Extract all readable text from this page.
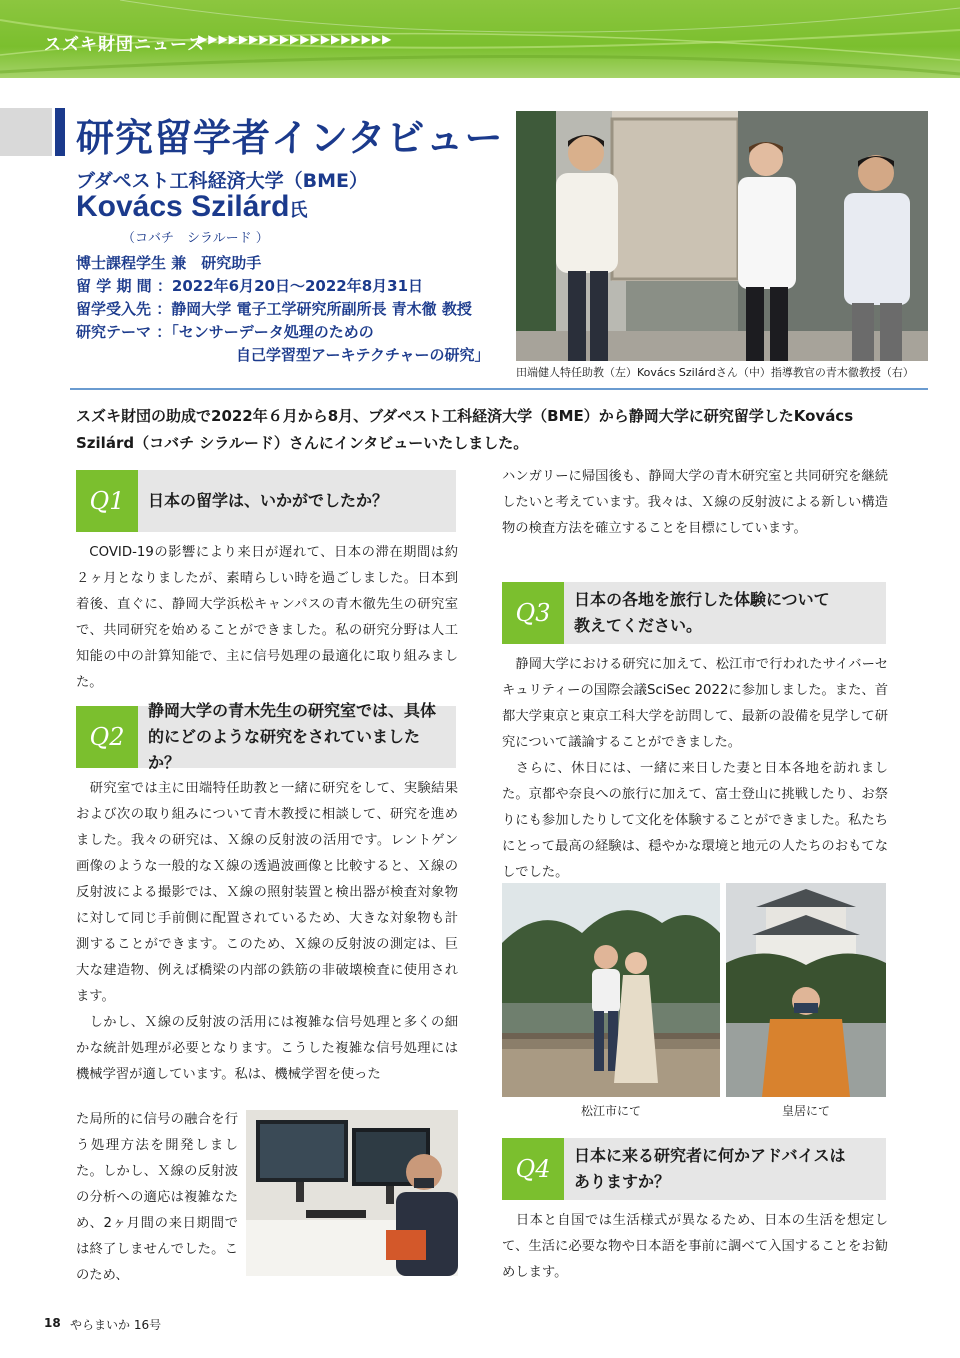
スズキ財団ニュース
▶▶▶▶▶▶▶▶▶▶▶▶▶▶▶▶▶▶▶
研究留学者インタビュー
ブダペスト工科経済大学（BME）
Kovács Szilárd氏
（コバチ　シラルード ）
博士課程学生 兼　研究助手
留 学 期 間 ：2022年6月20日～2022年8月31日
留学受入先 ：静岡大学 電子工学研究所副所長 青木徹 教授
研究テーマ ：「センサーデータ処理のための
自己学習型アーキテクチャーの研究」
田端健人特任助教（左）Kovács Szilárdさん（中）指導教官の青木徹教授（右）
スズキ財団の助成で2022年６月から8月、ブダペスト工科経済大学（BME）から静岡大学に研究留学したKovács Szilárd（コバチ シラルード）さんにインタビューいたしました。
Q1	日本の留学は、いかがでしたか？
COVID-19の影響により来日が遅れて、日本の滞在期間は約２ヶ月となりましたが、素晴らしい時を過ごしました。日本到着後、直ぐに、静岡大学浜松キャンパスの青木徹先生の研究室で、共同研究を始めることができました。私の研究分野は人工知能の中の計算知能で、主に信号処理の最適化に取り組みました。
Q2
静岡大学の青木先生の研究室では、具体的にどのような研究をされていましたか？
研究室では主に田端特任助教と一緒に研究をして、実験結果および次の取り組みについて青木教授に相談して、研究を進めました。我々の研究は、Ｘ線の反射波の活用です。レントゲン画像のような一般的なＸ線の透過波画像と比較すると、Ｘ線の反射波による撮影では、Ｘ線の照射装置と検出器が検査対象物に対して同じ手前側に配置されているため、大きな対象物も計測することができます。このため、Ｘ線の反射波の測定は、巨大な建造物、例えば橋梁の内部の鉄筋の非破壊検査に使用されます。
しかし、Ｘ線の反射波の活用には複雑な信号処理と多くの細かな統計処理が必要となります。こうした複雑な信号処理には機械学習が適しています。私は、機械学習を使った
た局所的に信号の融合を行う処理方法を開発しました。しかし、Ｘ線の反射波の分析への適応は複雑なため、2ヶ月間の来日期間では終了しませんでした。このため、
ハンガリーに帰国後も、静岡大学の青木研究室と共同研究を継続したいと考えています。我々は、Ｘ線の反射波による新しい構造物の検査方法を確立することを目標にしています。
Q3	日本の各地を旅行した体験について
教えてください。
静岡大学における研究に加えて、松江市で行われたサイバーセキュリティーの国際会議SciSec 2022に参加しました。また、首都大学東京と東京工科大学を訪問して、最新の設備を見学して研究について議論することができました。
さらに、休日には、一緒に来日した妻と日本各地を訪れました。京都や奈良への旅行に加えて、富士登山に挑戦したり、お祭りにも参加したりして文化を体験することができました。私たちにとって最高の経験は、穏やかな環境と地元の人たちのおもてなしでした。
松江市にて	皇居にて
Q4	日本に来る研究者に何かアドバイスは
ありますか？
日本と自国では生活様式が異なるため、日本の生活を想定して、生活に必要な物や日本語を事前に調べて入国することをお勧めします。
18 やらまいか 16号
